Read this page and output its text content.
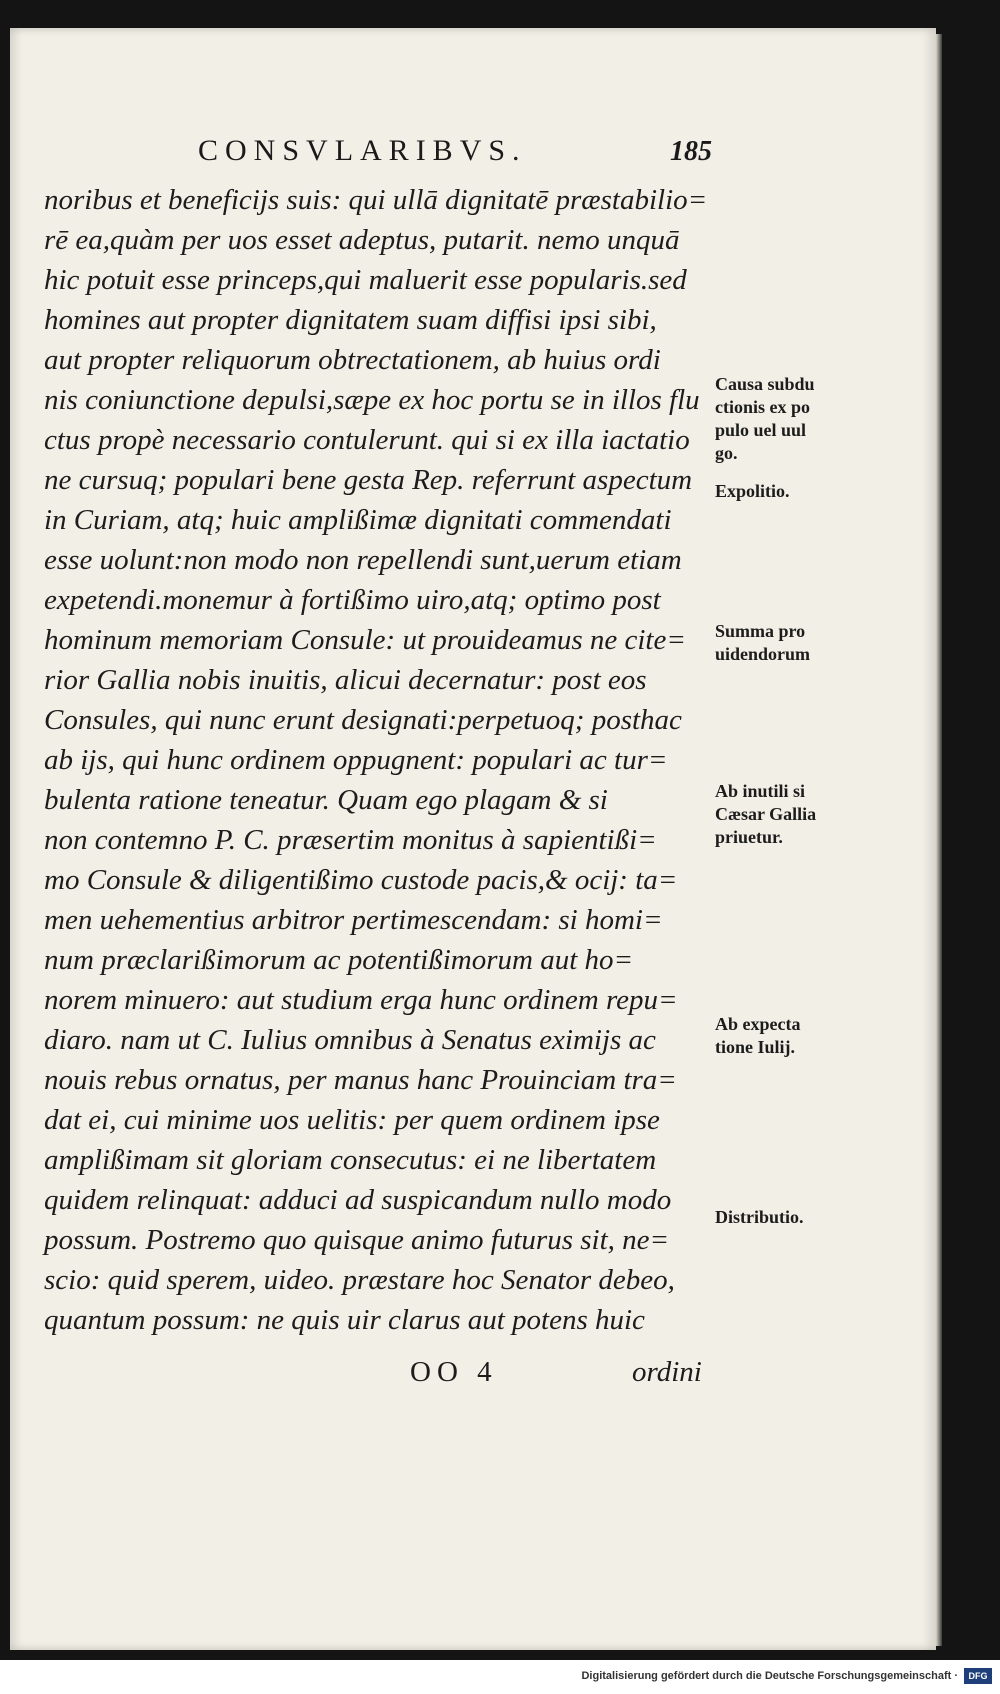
CONSVLARIBVS.	185
noribus et beneficijs suis: qui ullā dignitatē præstabilio=
rē ea,quàm per uos esset adeptus, putarit. nemo unquā
hic potuit esse princeps,qui maluerit esse popularis.sed
homines aut propter dignitatem suam diffisi ipsi sibi,
aut propter reliquorum obtrectationem, ab huius ordi
nis coniunctione depulsi,sæpe ex hoc portu se in illos flu
ctus propè necessario contulerunt. qui si ex illa iactatio
ne cursuq; populari bene gesta Rep. referrunt aspectum
in Curiam, atq; huic amplißimæ dignitati commendati
esse uolunt:non modo non repellendi sunt,uerum etiam
expetendi.monemur à fortißimo uiro,atq; optimo post
hominum memoriam Consule: ut prouideamus ne cite=
rior Gallia nobis inuitis, alicui decernatur: post eos
Consules, qui nunc erunt designati:perpetuoq; posthac
ab ijs, qui hunc ordinem oppugnent: populari ac tur=
bulenta ratione teneatur. Quam ego plagam & si
non contemno P. C. præsertim monitus à sapientißi=
mo Consule & diligentißimo custode pacis,& ocij: ta=
men uehementius arbitror pertimescendam: si homi=
num præclarißimorum ac potentißimorum aut ho=
norem minuero: aut studium erga hunc ordinem repu=
diaro. nam ut C. Iulius omnibus à Senatus eximijs ac
nouis rebus ornatus, per manus hanc Prouinciam tra=
dat ei, cui minime uos uelitis: per quem ordinem ipse
amplißimam sit gloriam consecutus: ei ne libertatem
quidem relinquat: adduci ad suspicandum nullo modo
possum. Postremo quo quisque animo futurus sit, ne=
scio: quid sperem, uideo. præstare hoc Senator debeo,
quantum possum: ne quis uir clarus aut potens huic
Causa subdu
ctionis ex po
pulo uel uul
go.
Expolitio.
Summa pro
uidendorum
Ab inutili si
Cæsar Gallia
priuetur.
Ab expecta
tione Iulij.
Distributio.
OO 4	ordini
Digitalisierung gefördert durch die Deutsche Forschungsgemeinschaft ·	DFG
